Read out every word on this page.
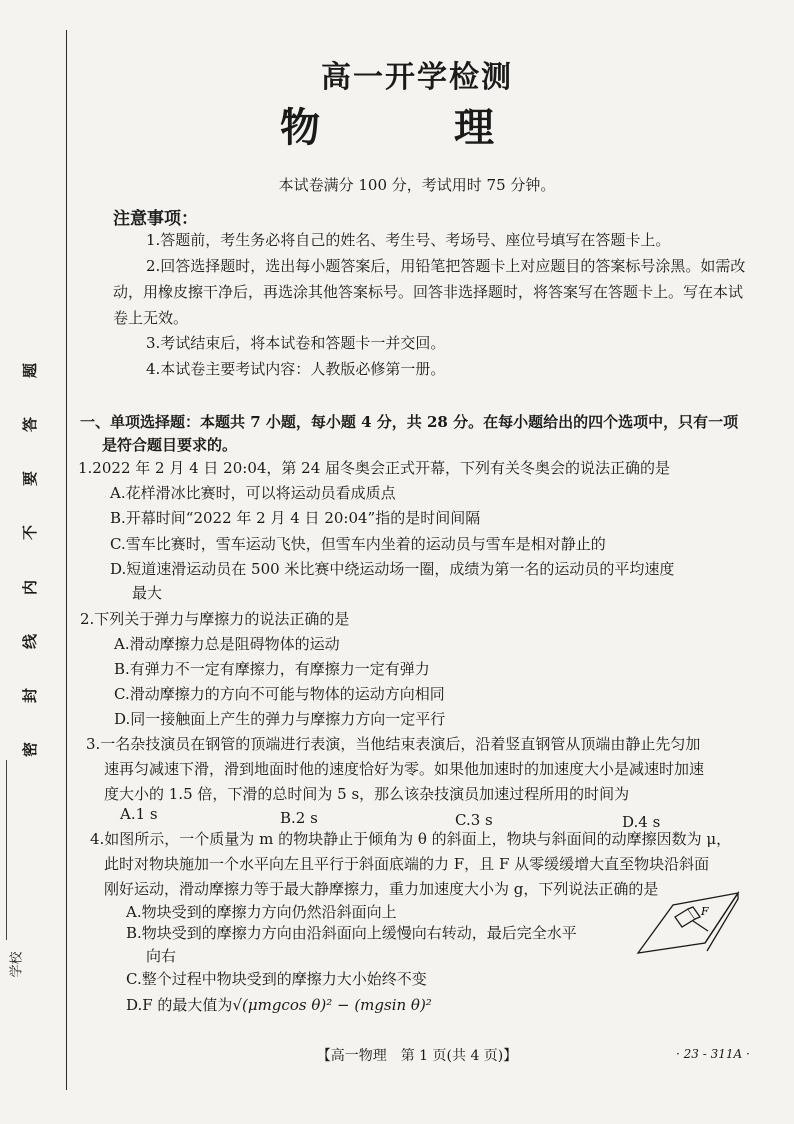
题
答
要
不
内
线
封
密
学校
高一开学检测
物 理
本试卷满分 100 分，考试用时 75 分钟。
注意事项：
1.答题前，考生务必将自己的姓名、考生号、考场号、座位号填写在答题卡上。
2.回答选择题时，选出每小题答案后，用铅笔把答题卡上对应题目的答案标号涂黑。如需改动，用橡皮擦干净后，再选涂其他答案标号。回答非选择题时，将答案写在答题卡上。写在本试卷上无效。
3.考试结束后，将本试卷和答题卡一并交回。
4.本试卷主要考试内容：人教版必修第一册。
一、单项选择题：本题共 7 小题，每小题 4 分，共 28 分。在每小题给出的四个选项中，只有一项
是符合题目要求的。
1.2022 年 2 月 4 日 20:04，第 24 届冬奥会正式开幕，下列有关冬奥会的说法正确的是
A.花样滑冰比赛时，可以将运动员看成质点
B.开幕时间“2022 年 2 月 4 日 20:04”指的是时间间隔
C.雪车比赛时，雪车运动飞快，但雪车内坐着的运动员与雪车是相对静止的
D.短道速滑运动员在 500 米比赛中绕运动场一圈，成绩为第一名的运动员的平均速度
最大
2.下列关于弹力与摩擦力的说法正确的是
A.滑动摩擦力总是阻碍物体的运动
B.有弹力不一定有摩擦力，有摩擦力一定有弹力
C.滑动摩擦力的方向不可能与物体的运动方向相同
D.同一接触面上产生的弹力与摩擦力方向一定平行
3.一名杂技演员在钢管的顶端进行表演，当他结束表演后，沿着竖直钢管从顶端由静止先匀加
速再匀减速下滑，滑到地面时他的速度恰好为零。如果他加速时的加速度大小是减速时加速
度大小的 1.5 倍，下滑的总时间为 5 s，那么该杂技演员加速过程所用的时间为
A.1 s	B.2 s	C.3 s	D.4 s
4.如图所示，一个质量为 m 的物块静止于倾角为 θ 的斜面上，物块与斜面间的动摩擦因数为 μ，
此时对物块施加一个水平向左且平行于斜面底端的力 F，且 F 从零缓缓增大直至物块沿斜面
刚好运动，滑动摩擦力等于最大静摩擦力，重力加速度大小为 g，下列说法正确的是
A.物块受到的摩擦力方向仍然沿斜面向上
B.物块受到的摩擦力方向由沿斜面向上缓慢向右转动，最后完全水平
向右
C.整个过程中物块受到的摩擦力大小始终不变
D.F 的最大值为√(μmgcos θ)² − (mgsin θ)²
F
【高一物理　第 1 页(共 4 页)】	· 23 - 311A ·
